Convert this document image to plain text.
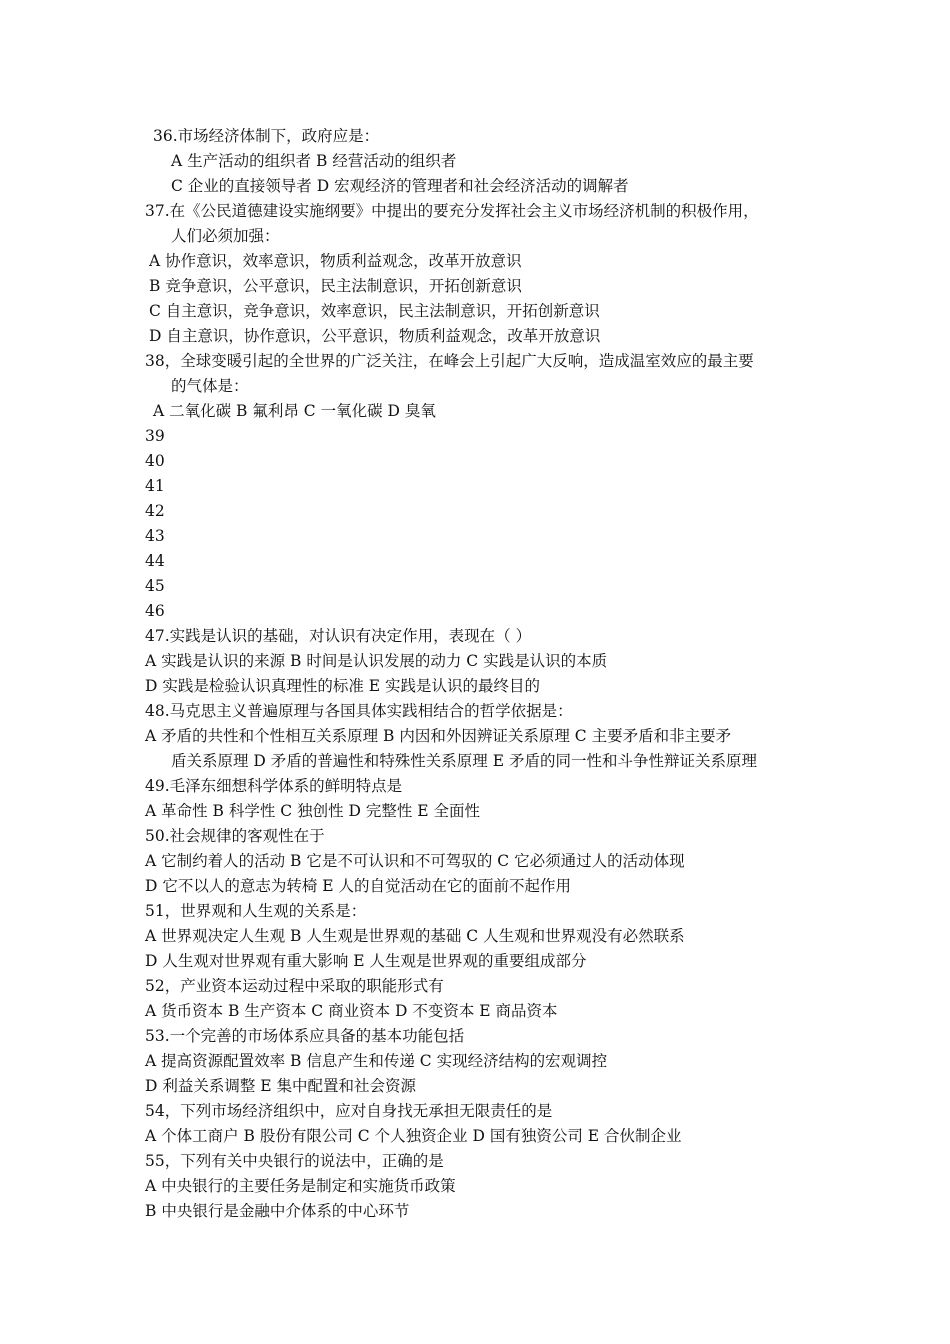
36.市场经济体制下，政府应是：
A 生产活动的组织者 B 经营活动的组织者
C 企业的直接领导者 D 宏观经济的管理者和社会经济活动的调解者
37.在《公民道德建设实施纲要》中提出的要充分发挥社会主义市场经济机制的积极作用，
人们必须加强：
A 协作意识，效率意识，物质利益观念，改革开放意识
B 竞争意识，公平意识，民主法制意识，开拓创新意识
C 自主意识，竞争意识，效率意识，民主法制意识，开拓创新意识
D 自主意识，协作意识，公平意识，物质利益观念，改革开放意识
38，全球变暖引起的全世界的广泛关注，在峰会上引起广大反响，造成温室效应的最主要
的气体是：
A 二氧化碳 B 氟利昂 C 一氧化碳 D 臭氧
39
40
41
42
43
44
45
46
47.实践是认识的基础，对认识有决定作用，表现在（ ）
A 实践是认识的来源 B 时间是认识发展的动力 C 实践是认识的本质
D 实践是检验认识真理性的标准 E 实践是认识的最终目的
48.马克思主义普遍原理与各国具体实践相结合的哲学依据是：
A 矛盾的共性和个性相互关系原理 B 内因和外因辨证关系原理 C 主要矛盾和非主要矛
盾关系原理 D 矛盾的普遍性和特殊性关系原理 E 矛盾的同一性和斗争性辩证关系原理
49.毛泽东细想科学体系的鲜明特点是
A 革命性 B 科学性 C 独创性 D 完整性 E 全面性
50.社会规律的客观性在于
A 它制约着人的活动 B 它是不可认识和不可驾驭的 C 它必须通过人的活动体现
D 它不以人的意志为转椅 E 人的自觉活动在它的面前不起作用
51，世界观和人生观的关系是：
A 世界观决定人生观 B 人生观是世界观的基础 C 人生观和世界观没有必然联系
D 人生观对世界观有重大影响 E 人生观是世界观的重要组成部分
52，产业资本运动过程中采取的职能形式有
A 货币资本 B 生产资本 C 商业资本 D 不变资本 E 商品资本
53.一个完善的市场体系应具备的基本功能包括
A 提高资源配置效率 B 信息产生和传递 C 实现经济结构的宏观调控
D 利益关系调整 E 集中配置和社会资源
54，下列市场经济组织中，应对自身找无承担无限责任的是
A 个体工商户 B 股份有限公司 C 个人独资企业 D 国有独资公司 E 合伙制企业
55，下列有关中央银行的说法中，正确的是
A 中央银行的主要任务是制定和实施货币政策
B 中央银行是金融中介体系的中心环节
